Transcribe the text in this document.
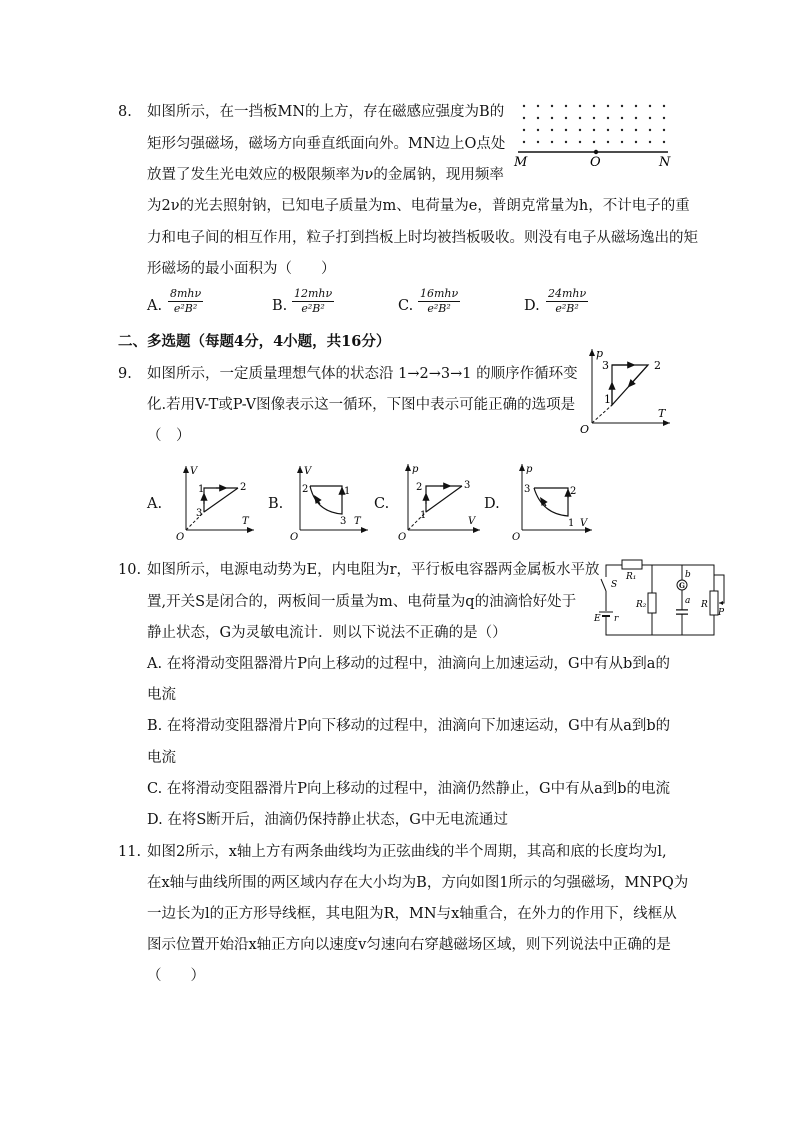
8. 如图所示，在一挡板MN的上方，存在磁感应强度为B的
矩形匀强磁场，磁场方向垂直纸面向外。MN边上O点处
放置了发生光电效应的极限频率为ν的金属钠，现用频率
为2ν的光去照射钠，已知电子质量为m、电荷量为e，普朗克常量为h，不计电子的重
力和电子间的相互作用，粒子打到挡板上时均被挡板吸收。则没有电子从磁场逸出的矩
形磁场的最小面积为（　　）
M	O	N
A.
8mhν
e²B²	B.
12mhν
e²B²	C.
16mhν
e²B²	D.
24mhν
e²B²
二、多选题（每题4分，4小题，共16分）
9. 如图所示，一定质量理想气体的状态沿 1→2→3→1 的顺序作循环变
化.若用V-T或P-V图像表示这一循环，下图中表示可能正确的选项是
（　）
p
T
O
1
2
3
A.
V
T
O
1	2
3
B.
V
T
O
2	1
3
C.
p
V
O
2	3
1
D.
p
V
O
3	2
1
10. 如图所示，电源电动势为E，内电阻为r，平行板电容器两金属板水平放
置,开关S是闭合的，两板间一质量为m、电荷量为q的油滴恰好处于
静止状态，G为灵敏电流计．则以下说法不正确的是（）
A. 在将滑动变阻器滑片P向上移动的过程中，油滴向上加速运动，G中有从b到a的
电流
B. 在将滑动变阻器滑片P向下移动的过程中，油滴向下加速运动，G中有从a到b的
电流
C. 在将滑动变阻器滑片P向上移动的过程中，油滴仍然静止，G中有从a到b的电流
D. 在将S断开后，油滴仍保持静止状态，G中无电流通过
R₁
R₂	R
P
S	G
b
a
E r
11. 如图2所示，x轴上方有两条曲线均为正弦曲线的半个周期，其高和底的长度均为l,
在x轴与曲线所围的两区域内存在大小均为B，方向如图1所示的匀强磁场，MNPQ为
一边长为l的正方形导线框，其电阻为R，MN与x轴重合，在外力的作用下，线框从
图示位置开始沿x轴正方向以速度v匀速向右穿越磁场区域，则下列说法中正确的是
（　　）
